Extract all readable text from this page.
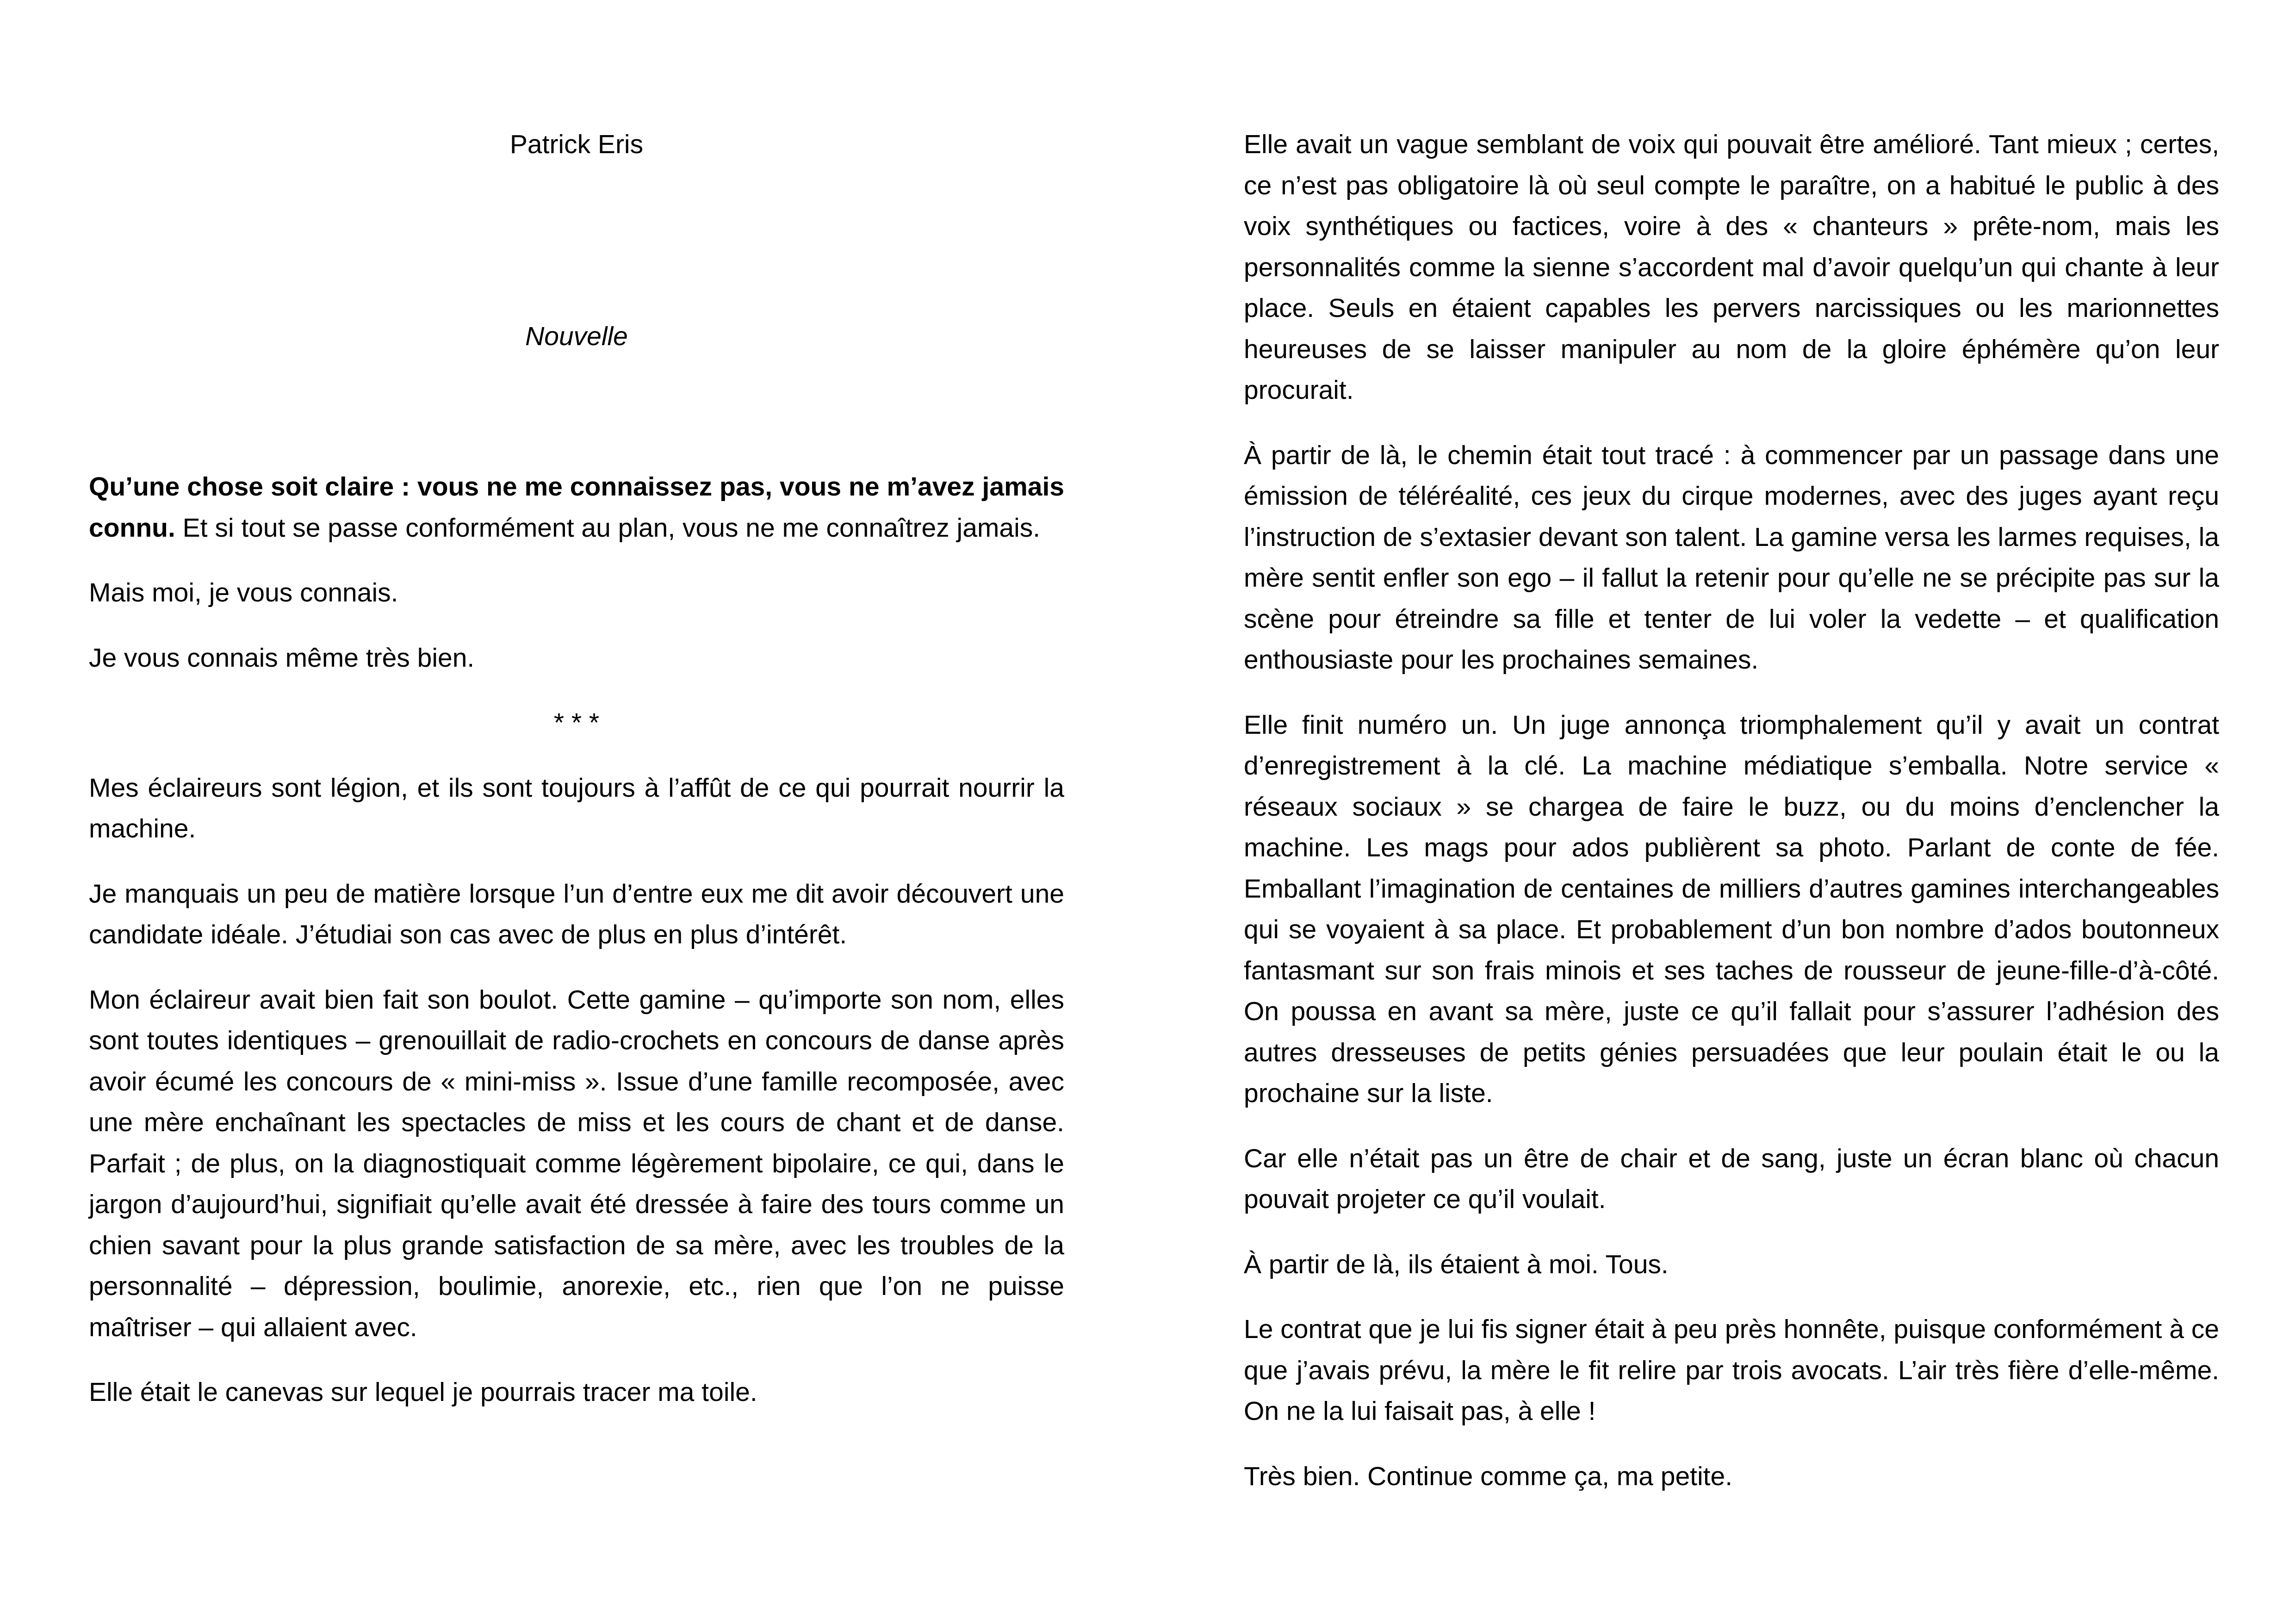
Patrick Eris

Nouvelle

Qu’une chose soit claire : vous ne me connaissez pas, vous ne m’avez jamais connu. Et si tout se passe conformément au plan, vous ne me connaîtrez jamais.

Mais moi, je vous connais.

Je vous connais même très bien.

* * *

Mes éclaireurs sont légion, et ils sont toujours à l’affût de ce qui pourrait nourrir la machine.

Je manquais un peu de matière lorsque l’un d’entre eux me dit avoir découvert une candidate idéale. J’étudiai son cas avec de plus en plus d’intérêt.

Mon éclaireur avait bien fait son boulot. Cette gamine – qu’importe son nom, elles sont toutes identiques – grenouillait de radio-crochets en concours de danse après avoir écumé les concours de « mini-miss ». Issue d’une famille recomposée, avec une mère enchaînant les spectacles de miss et les cours de chant et de danse. Parfait ; de plus, on la diagnostiquait comme légèrement bipolaire, ce qui, dans le jargon d’aujourd’hui, signifiait qu’elle avait été dressée à faire des tours comme un chien savant pour la plus grande satisfaction de sa mère, avec les troubles de la personnalité – dépression, boulimie, anorexie, etc., rien que l’on ne puisse maîtriser – qui allaient avec.

Elle était le canevas sur lequel je pourrais tracer ma toile.

Elle avait un vague semblant de voix qui pouvait être amélioré. Tant mieux ; certes, ce n’est pas obligatoire là où seul compte le paraître, on a habitué le public à des voix synthétiques ou factices, voire à des « chanteurs » prête-nom, mais les personnalités comme la sienne s’accordent mal d’avoir quelqu’un qui chante à leur place. Seuls en étaient capables les pervers narcissiques ou les marionnettes heureuses de se laisser manipuler au nom de la gloire éphémère qu’on leur procurait.

À partir de là, le chemin était tout tracé : à commencer par un passage dans une émission de téléréalité, ces jeux du cirque modernes, avec des juges ayant reçu l’instruction de s’extasier devant son talent. La gamine versa les larmes requises, la mère sentit enfler son ego – il fallut la retenir pour qu’elle ne se précipite pas sur la scène pour étreindre sa fille et tenter de lui voler la vedette – et qualification enthousiaste pour les prochaines semaines.

Elle finit numéro un. Un juge annonça triomphalement qu’il y avait un contrat d’enregistrement à la clé. La machine médiatique s’emballa. Notre service « réseaux sociaux » se chargea de faire le buzz, ou du moins d’enclencher la machine. Les mags pour ados publièrent sa photo. Parlant de conte de fée. Emballant l’imagination de centaines de milliers d’autres gamines interchangeables qui se voyaient à sa place. Et probablement d’un bon nombre d’ados boutonneux fantasmant sur son frais minois et ses taches de rousseur de jeune-fille-d’à-côté. On poussa en avant sa mère, juste ce qu’il fallait pour s’assurer l’adhésion des autres dresseuses de petits génies persuadées que leur poulain était le ou la prochaine sur la liste.

Car elle n’était pas un être de chair et de sang, juste un écran blanc où chacun pouvait projeter ce qu’il voulait.

À partir de là, ils étaient à moi. Tous.

Le contrat que je lui fis signer était à peu près honnête, puisque conformément à ce que j’avais prévu, la mère le fit relire par trois avocats. L’air très fière d’elle-même. On ne la lui faisait pas, à elle !

Très bien. Continue comme ça, ma petite.
